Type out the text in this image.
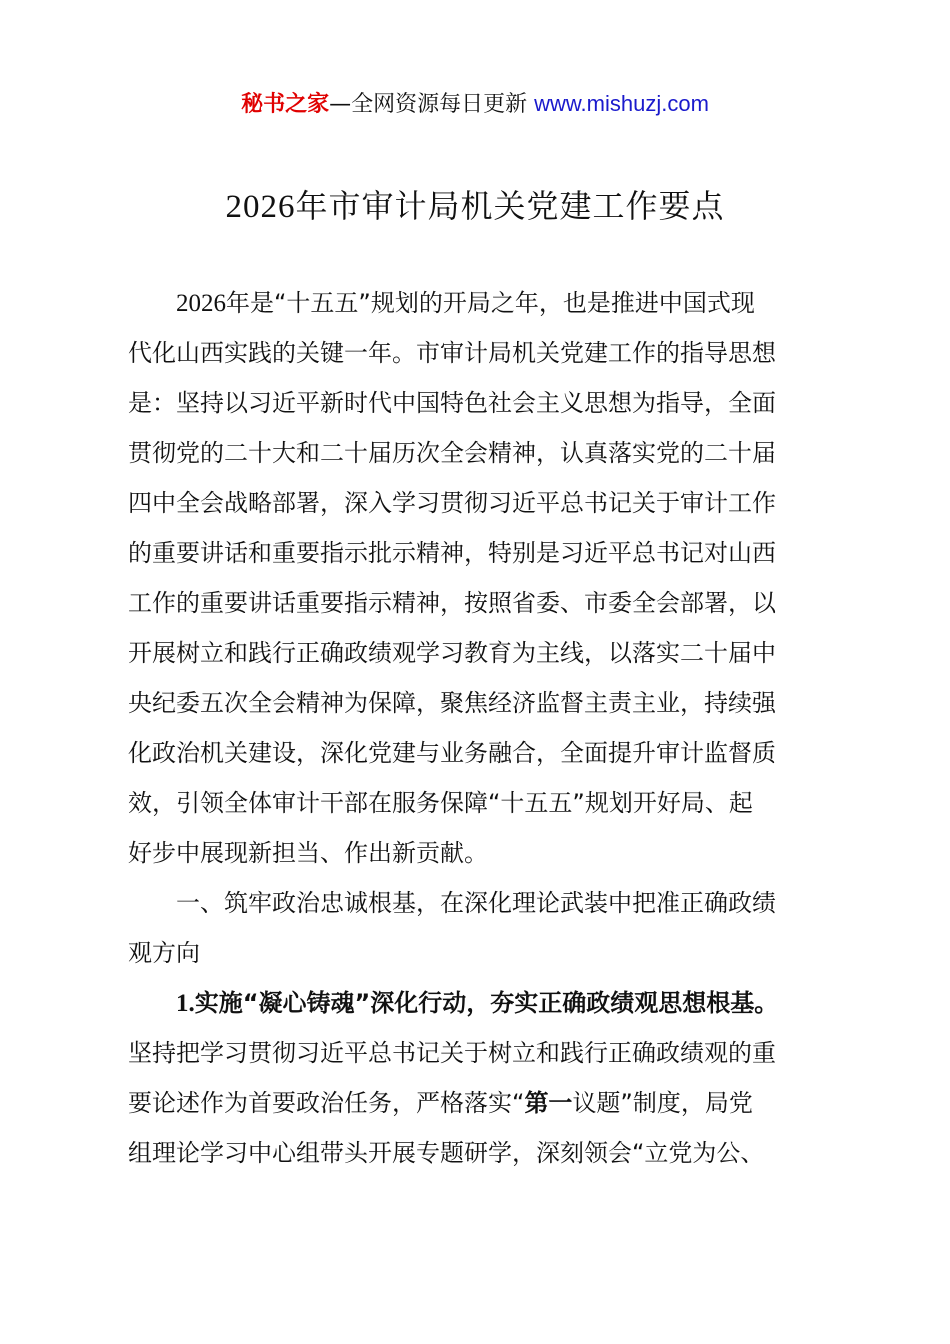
秘书之家—全网资源每日更新 www.mishuzj.com
2026年市审计局机关党建工作要点
2026年是“十五五”规划的开局之年，也是推进中国式现
代化山西实践的关键一年。市审计局机关党建工作的指导思想
是：坚持以习近平新时代中国特色社会主义思想为指导，全面
贯彻党的二十大和二十届历次全会精神，认真落实党的二十届
四中全会战略部署，深入学习贯彻习近平总书记关于审计工作
的重要讲话和重要指示批示精神，特别是习近平总书记对山西
工作的重要讲话重要指示精神，按照省委、市委全会部署，以
开展树立和践行正确政绩观学习教育为主线，以落实二十届中
央纪委五次全会精神为保障，聚焦经济监督主责主业，持续强
化政治机关建设，深化党建与业务融合，全面提升审计监督质
效，引领全体审计干部在服务保障“十五五”规划开好局、起
好步中展现新担当、作出新贡献。
一、筑牢政治忠诚根基，在深化理论武装中把准正确政绩
观方向
1.实施“凝心铸魂”深化行动，夯实正确政绩观思想根基。
坚持把学习贯彻习近平总书记关于树立和践行正确政绩观的重
要论述作为首要政治任务，严格落实“第一议题”制度，局党
组理论学习中心组带头开展专题研学，深刻领会“立党为公、
